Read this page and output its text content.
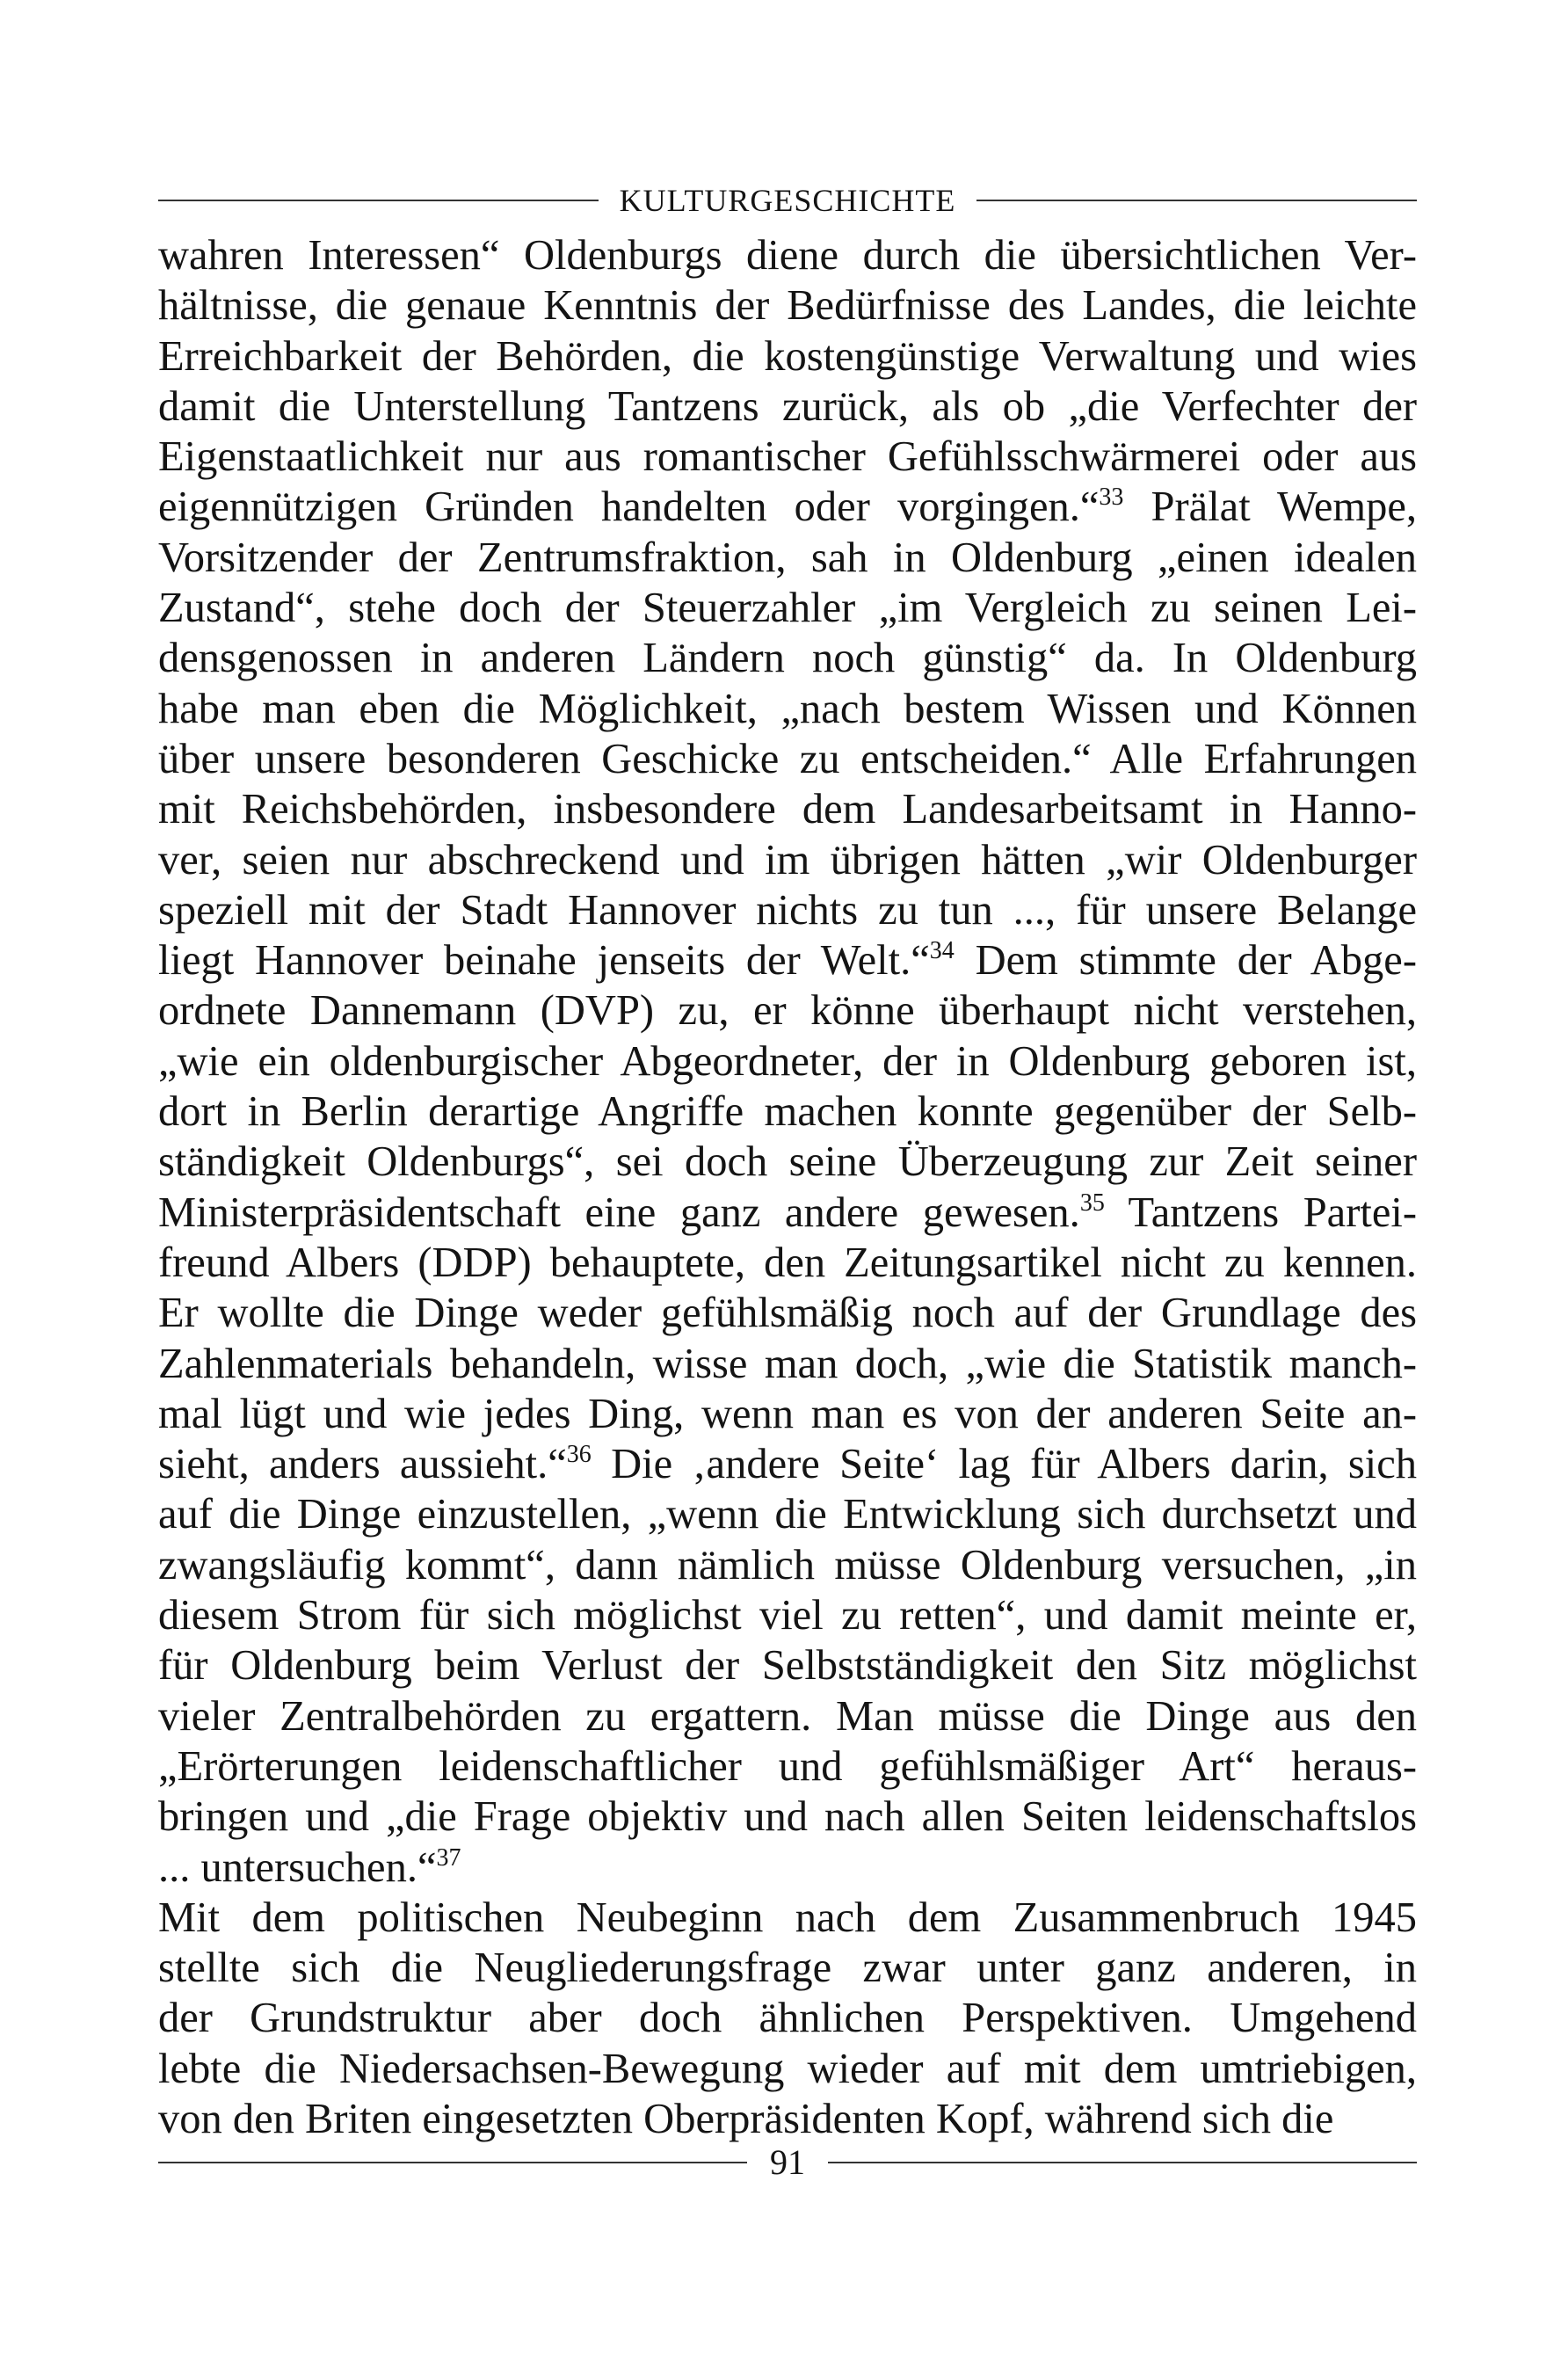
KULTURGESCHICHTE
wahren Interessen“ Oldenburgs diene durch die übersichtlichen Ver-
hältnisse, die genaue Kenntnis der Bedürfnisse des Landes, die leichte
Erreichbarkeit der Behörden, die kostengünstige Verwaltung und wies
damit die Unterstellung Tantzens zurück, als ob „die Verfechter der
Eigenstaatlichkeit nur aus romantischer Gefühlsschwärmerei oder aus
eigennützigen Gründen handelten oder vorgingen.“$^{33}$ Prälat Wempe,
Vorsitzender der Zentrumsfraktion, sah in Oldenburg „einen idealen
Zustand“, stehe doch der Steuerzahler „im Vergleich zu seinen Lei-
densgenossen in anderen Ländern noch günstig“ da. In Oldenburg
habe man eben die Möglichkeit, „nach bestem Wissen und Können
über unsere besonderen Geschicke zu entscheiden.“ Alle Erfahrungen
mit Reichsbehörden, insbesondere dem Landesarbeitsamt in Hanno-
ver, seien nur abschreckend und im übrigen hätten „wir Oldenburger
speziell mit der Stadt Hannover nichts zu tun ..., für unsere Belange
liegt Hannover beinahe jenseits der Welt.“$^{34}$ Dem stimmte der Abge-
ordnete Dannemann (DVP) zu, er könne überhaupt nicht verstehen,
„wie ein oldenburgischer Abgeordneter, der in Oldenburg geboren ist,
dort in Berlin derartige Angriffe machen konnte gegenüber der Selb-
ständigkeit Oldenburgs“, sei doch seine Überzeugung zur Zeit seiner
Ministerpräsidentschaft eine ganz andere gewesen.$^{35}$ Tantzens Partei-
freund Albers (DDP) behauptete, den Zeitungsartikel nicht zu kennen.
Er wollte die Dinge weder gefühlsmäßig noch auf der Grundlage des
Zahlenmaterials behandeln, wisse man doch, „wie die Statistik manch-
mal lügt und wie jedes Ding, wenn man es von der anderen Seite an-
sieht, anders aussieht.“$^{36}$ Die ‚andere Seite‘ lag für Albers darin, sich
auf die Dinge einzustellen, „wenn die Entwicklung sich durchsetzt und
zwangsläufig kommt“, dann nämlich müsse Oldenburg versuchen, „in
diesem Strom für sich möglichst viel zu retten“, und damit meinte er,
für Oldenburg beim Verlust der Selbstständigkeit den Sitz möglichst
vieler Zentralbehörden zu ergattern. Man müsse die Dinge aus den
„Erörterungen leidenschaftlicher und gefühlsmäßiger Art“ heraus-
bringen und „die Frage objektiv und nach allen Seiten leidenschaftslos
... untersuchen.“$^{37}$
Mit dem politischen Neubeginn nach dem Zusammenbruch 1945
stellte sich die Neugliederungsfrage zwar unter ganz anderen, in
der Grundstruktur aber doch ähnlichen Perspektiven. Umgehend
lebte die Niedersachsen-Bewegung wieder auf mit dem umtriebigen,
von den Briten eingesetzten Oberpräsidenten Kopf, während sich die
91
